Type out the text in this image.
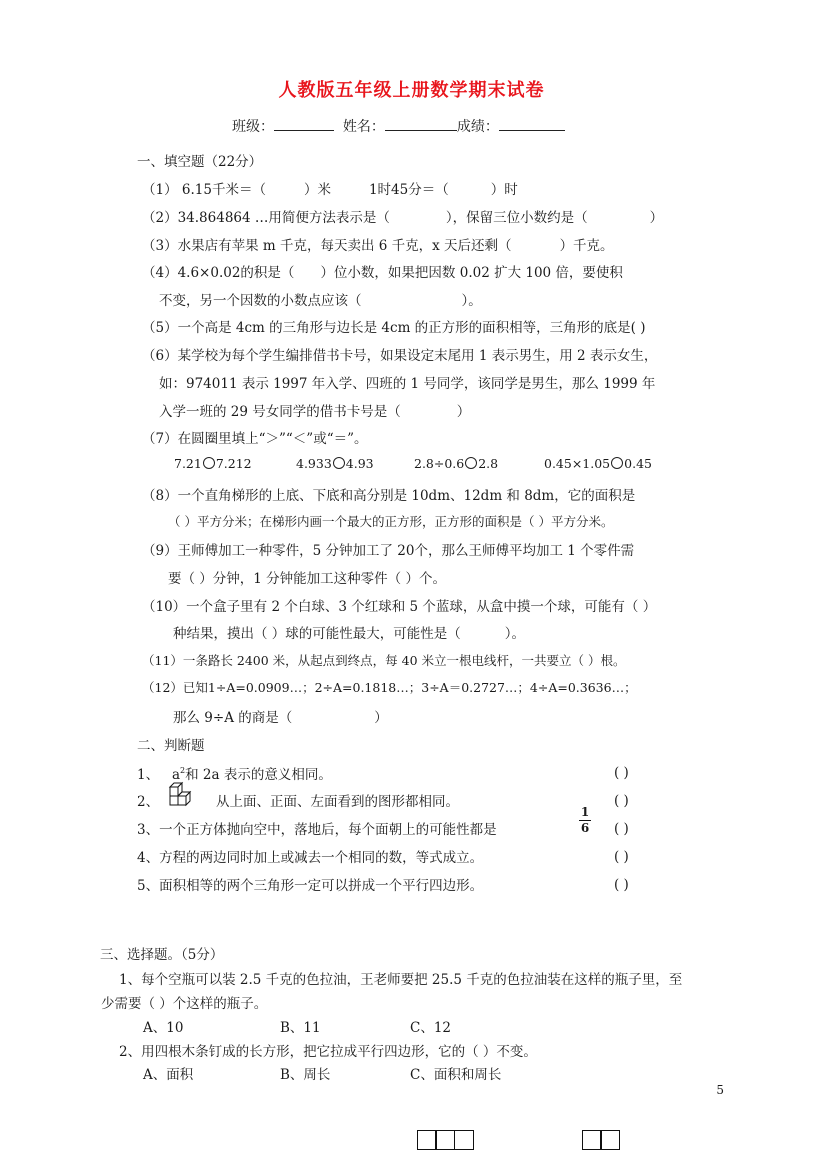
人教版五年级上册数学期末试卷
班级：	姓名：	成绩：
一、填空题（22分）
（1） 6.15千米＝（	）米	1时45分＝（	）时
（2）34.864864 …用简便方法表示是（	），保留三位小数约是（	）
（3）水果店有苹果 m 千克，每天卖出 6 千克，x 天后还剩（	）千克。
（4）4.6×0.02的积是（ ）位小数，如果把因数 0.02 扩大 100 倍，要使积
不变，另一个因数的小数点应该（	）。
（5）一个高是 4cm 的三角形与边长是 4cm 的正方形的面积相等，三角形的底是( )
（6）某学校为每个学生编排借书卡号，如果设定末尾用 1 表示男生，用 2 表示女生，
如：974011 表示 1997 年入学、四班的 1 号同学，该同学是男生，那么 1999 年
入学一班的 29 号女同学的借书卡号是（	）
（7）在圆圈里填上“＞”“＜”或“＝”。
7.21 7.212	4.933 4.93	2.8÷0.6 2.8	0.45×1.05 0.45
（8）一个直角梯形的上底、下底和高分别是 10dm、12dm 和 8dm，它的面积是
（ ）平方分米；在梯形内画一个最大的正方形，正方形的面积是（ ）平方分米。
（9）王师傅加工一种零件，5 分钟加工了 20个，那么王师傅平均加工 1 个零件需
要（ ）分钟，1 分钟能加工这种零件（ ）个。
（10）一个盒子里有 2 个白球、3 个红球和 5 个蓝球，从盒中摸一个球，可能有（ ）
种结果，摸出（ ）球的可能性最大，可能性是（	）。
（11）一条路长 2400 米，从起点到终点，每 40 米立一根电线杆，一共要立（ ）根。
（12）已知1÷A=0.0909…；2÷A=0.1818…；3÷A＝0.2727…；4÷A=0.3636…；
那么 9÷A 的商是（	）
二、判断题
1、 $a^2$和 2a 表示的意义相同。	( )
2、	从上面、正面、左面看到的图形都相同。	( )
3、一个正方体抛向空中，落地后，每个面朝上的可能性都是
1
6 ( )
4、方程的两边同时加上或减去一个相同的数，等式成立。	( )
5、面积相等的两个三角形一定可以拼成一个平行四边形。	( )
三、选择题。（5分）
1、每个空瓶可以装 2.5 千克的色拉油，王老师要把 25.5 千克的色拉油装在这样的瓶子里，至
少需要（ ）个这样的瓶子。
A、10	B、11	C、12
2、用四根木条钉成的长方形，把它拉成平行四边形，它的（ ）不变。
A、面积	B、周长	C、面积和周长
5
